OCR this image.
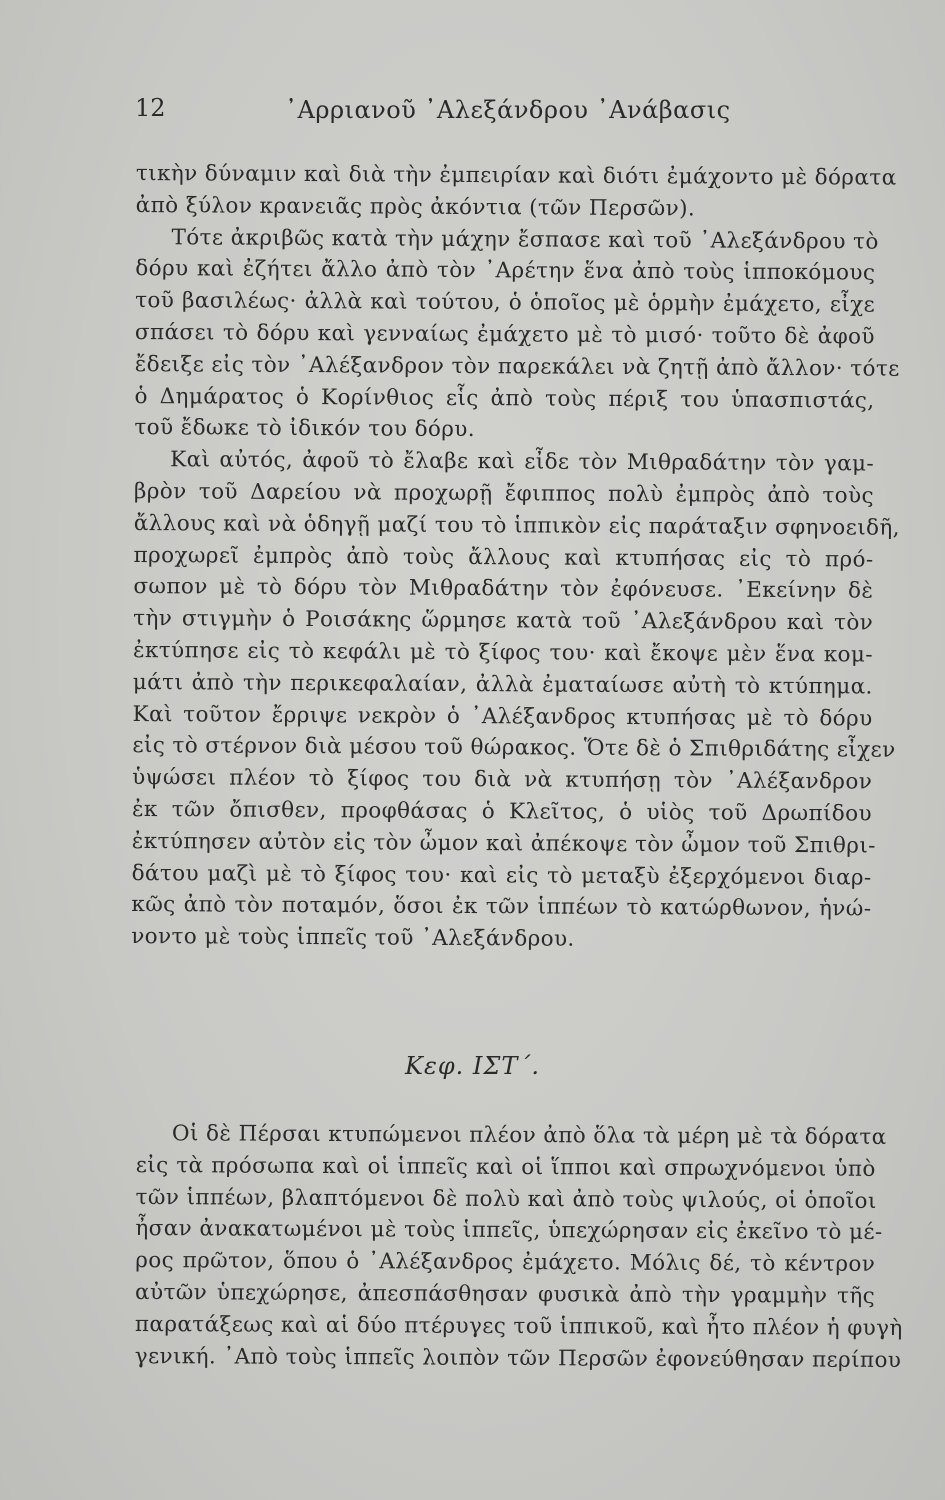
12	᾿Αρριανοῦ ᾿Αλεξάνδρου ᾿Ανάβασις
τικὴν δύναμιν καὶ διὰ τὴν ἐμπειρίαν καὶ διότι ἐμάχοντο μὲ δόρατα
ἀπὸ ξύλον κρανειᾶς πρὸς ἀκόντια (τῶν Περσῶν).
Τότε ἀκριβῶς κατὰ τὴν μάχην ἔσπασε καὶ τοῦ ᾿Αλεξάνδρου τὸ
δόρυ καὶ ἐζήτει ἄλλο ἀπὸ τὸν ᾿Αρέτην ἕνα ἀπὸ τοὺς ἱπποκόμους
τοῦ βασιλέως· ἀλλὰ καὶ τούτου, ὁ ὁποῖος μὲ ὁρμὴν ἐμάχετο, εἶχε
σπάσει τὸ δόρυ καὶ γενναίως ἐμάχετο μὲ τὸ μισό· τοῦτο δὲ ἀφοῦ
ἔδειξε εἰς τὸν ᾿Αλέξανδρον τὸν παρεκάλει νὰ ζητῇ ἀπὸ ἄλλον· τότε
ὁ Δημάρατος ὁ Κορίνθιος εἷς ἀπὸ τοὺς πέριξ του ὑπασπιστάς,
τοῦ ἔδωκε τὸ ἰδικόν του δόρυ.
Καὶ αὐτός, ἀφοῦ τὸ ἔλαβε καὶ εἶδε τὸν Μιθραδάτην τὸν γαμ-
βρὸν τοῦ Δαρείου νὰ προχωρῇ ἔφιππος πολὺ ἐμπρὸς ἀπὸ τοὺς
ἄλλους καὶ νὰ ὁδηγῇ μαζί του τὸ ἱππικὸν εἰς παράταξιν σφηνοειδῆ,
προχωρεῖ ἐμπρὸς ἀπὸ τοὺς ἄλλους καὶ κτυπήσας εἰς τὸ πρό-
σωπον μὲ τὸ δόρυ τὸν Μιθραδάτην τὸν ἐφόνευσε. ᾿Εκείνην δὲ
τὴν στιγμὴν ὁ Ροισάκης ὥρμησε κατὰ τοῦ ᾿Αλεξάνδρου καὶ τὸν
ἐκτύπησε εἰς τὸ κεφάλι μὲ τὸ ξίφος του· καὶ ἔκοψε μὲν ἕνα κομ-
μάτι ἀπὸ τὴν περικεφαλαίαν, ἀλλὰ ἐματαίωσε αὐτὴ τὸ κτύπημα.
Καὶ τοῦτον ἔρριψε νεκρὸν ὁ ᾿Αλέξανδρος κτυπήσας μὲ τὸ δόρυ
εἰς τὸ στέρνον διὰ μέσου τοῦ θώρακος. Ὅτε δὲ ὁ Σπιθριδάτης εἶχεν
ὑψώσει πλέον τὸ ξίφος του διὰ νὰ κτυπήσῃ τὸν ᾿Αλέξανδρον
ἐκ τῶν ὄπισθεν, προφθάσας ὁ Κλεῖτος, ὁ υἱὸς τοῦ Δρωπίδου
ἐκτύπησεν αὐτὸν εἰς τὸν ὦμον καὶ ἀπέκοψε τὸν ὦμον τοῦ Σπιθρι-
δάτου μαζὶ μὲ τὸ ξίφος του· καὶ εἰς τὸ μεταξὺ ἐξερχόμενοι διαρ-
κῶς ἀπὸ τὸν ποταμόν, ὅσοι ἐκ τῶν ἱππέων τὸ κατώρθωνον, ἡνώ-
νοντο μὲ τοὺς ἱππεῖς τοῦ ᾿Αλεξάνδρου.
Κεφ. ΙΣΤ΄.
Οἱ δὲ Πέρσαι κτυπώμενοι πλέον ἀπὸ ὅλα τὰ μέρη μὲ τὰ δόρατα
εἰς τὰ πρόσωπα καὶ οἱ ἱππεῖς καὶ οἱ ἵπποι καὶ σπρωχνόμενοι ὑπὸ
τῶν ἱππέων, βλαπτόμενοι δὲ πολὺ καὶ ἀπὸ τοὺς ψιλούς, οἱ ὁποῖοι
ἦσαν ἀνακατωμένοι μὲ τοὺς ἱππεῖς, ὑπεχώρησαν εἰς ἐκεῖνο τὸ μέ-
ρος πρῶτον, ὅπου ὁ ᾿Αλέξανδρος ἐμάχετο. Μόλις δέ, τὸ κέντρον
αὐτῶν ὑπεχώρησε, ἀπεσπάσθησαν φυσικὰ ἀπὸ τὴν γραμμὴν τῆς
παρατάξεως καὶ αἱ δύο πτέρυγες τοῦ ἱππικοῦ, καὶ ἦτο πλέον ἡ φυγὴ
γενική. ᾿Απὸ τοὺς ἱππεῖς λοιπὸν τῶν Περσῶν ἐφονεύθησαν περίπου
